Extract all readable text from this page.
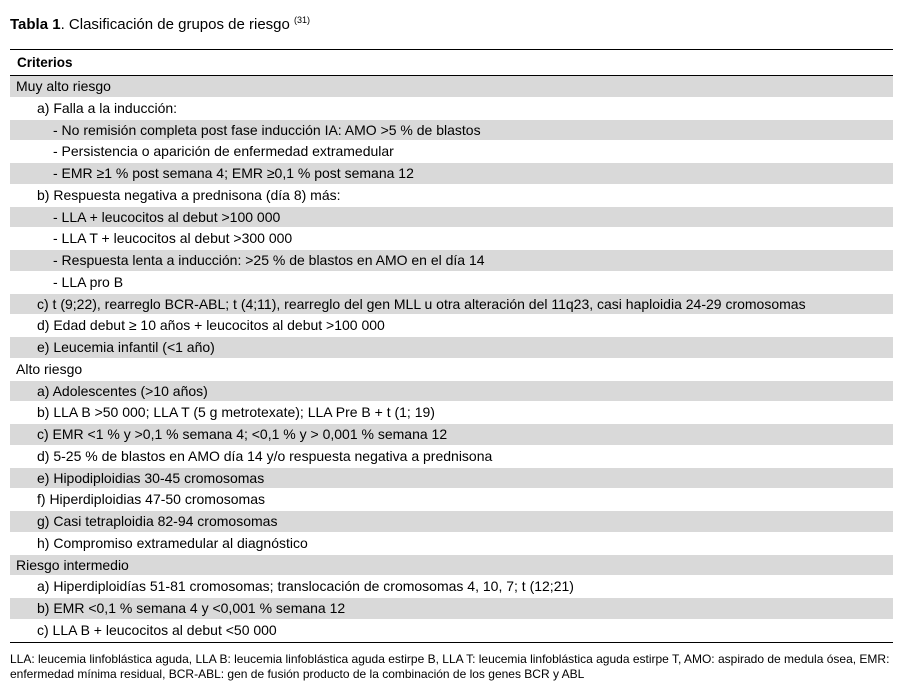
Tabla 1. Clasificación de grupos de riesgo $^{(31)}$
Criterios
Muy alto riesgo
a) Falla a la inducción:
- No remisión completa post fase inducción IA: AMO >5 % de blastos
- Persistencia o aparición de enfermedad extramedular
- EMR ≥1 % post semana 4; EMR ≥0,1 % post semana 12
b) Respuesta negativa a prednisona (día 8) más:
- LLA + leucocitos al debut >100 000
- LLA T + leucocitos al debut >300 000
- Respuesta lenta a inducción: >25 % de blastos en AMO en el día 14
- LLA pro B
c) t (9;22), rearreglo BCR-ABL; t (4;11), rearreglo del gen MLL u otra alteración del 11q23, casi haploidia 24-29 cromosomas
d) Edad debut ≥ 10 años + leucocitos al debut >100 000
e) Leucemia infantil (<1 año)
Alto riesgo
a) Adolescentes (>10 años)
b) LLA B >50 000; LLA T (5 g metrotexate); LLA Pre B + t (1; 19)
c) EMR <1 % y >0,1 % semana 4; <0,1 % y > 0,001 % semana 12
d) 5-25 % de blastos en AMO día 14 y/o respuesta negativa a prednisona
e) Hipodiploidias 30-45 cromosomas
f) Hiperdiploidias 47-50 cromosomas
g) Casi tetraploidia 82-94 cromosomas
h) Compromiso extramedular al diagnóstico
Riesgo intermedio
a) Hiperdiploidías 51-81 cromosomas; translocación de cromosomas 4, 10, 7; t (12;21)
b) EMR <0,1 % semana 4 y <0,001 % semana 12
c) LLA B + leucocitos al debut <50 000
LLA: leucemia linfoblástica aguda, LLA B: leucemia linfoblástica aguda estirpe B, LLA T: leucemia linfoblástica aguda estirpe T, AMO: aspirado de medula ósea, EMR: enfermedad mínima residual, BCR-ABL: gen de fusión producto de la combinación de los genes BCR y ABL
